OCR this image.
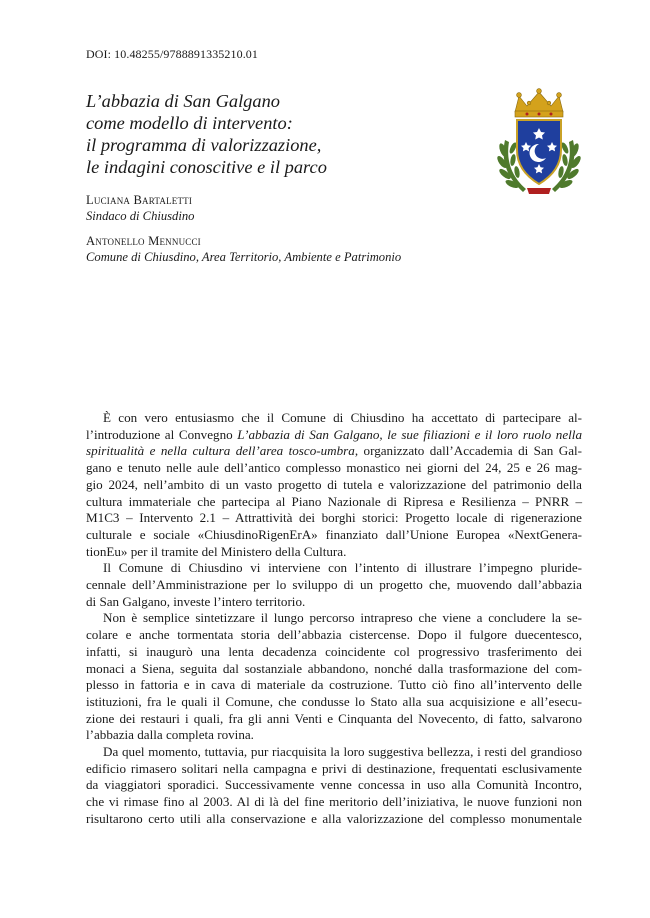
DOI: 10.48255/9788891335210.01
L’abbazia di San Galgano
come modello di intervento:
il programma di valorizzazione,
le indagini conoscitive e il parco
Luciana Bartaletti
Sindaco di Chiusdino
Antonello Mennucci
Comune di Chiusdino, Area Territorio, Ambiente e Patrimonio

È con vero entusiasmo che il Comune di Chiusdino ha accettato di partecipare al-
l’introduzione al Convegno L’abbazia di San Galgano, le sue filiazioni e il loro ruolo nella
spiritualità e nella cultura dell’area tosco-umbra, organizzato dall’Accademia di San Gal-
gano e tenuto nelle aule dell’antico complesso monastico nei giorni del 24, 25 e 26 mag-
gio 2024, nell’ambito di un vasto progetto di tutela e valorizzazione del patrimonio della
cultura immateriale che partecipa al Piano Nazionale di Ripresa e Resilienza – PNRR –
M1C3 – Intervento 2.1 – Attrattività dei borghi storici: Progetto locale di rigenerazione
culturale e sociale «ChiusdinoRigenErA» finanziato dall’Unione Europea «NextGenera-
tionEu» per il tramite del Ministero della Cultura.

Il Comune di Chiusdino vi interviene con l’intento di illustrare l’impegno pluride-
cennale dell’Amministrazione per lo sviluppo di un progetto che, muovendo dall’abbazia
di San Galgano, investe l’intero territorio.

Non è semplice sintetizzare il lungo percorso intrapreso che viene a concludere la se-
colare e anche tormentata storia dell’abbazia cistercense. Dopo il fulgore duecentesco,
infatti, si inaugurò una lenta decadenza coincidente col progressivo trasferimento dei
monaci a Siena, seguita dal sostanziale abbandono, nonché dalla trasformazione del com-
plesso in fattoria e in cava di materiale da costruzione. Tutto ciò fino all’intervento delle
istituzioni, fra le quali il Comune, che condusse lo Stato alla sua acquisizione e all’esecu-
zione dei restauri i quali, fra gli anni Venti e Cinquanta del Novecento, di fatto, salvarono
l’abbazia dalla completa rovina.

Da quel momento, tuttavia, pur riacquisita la loro suggestiva bellezza, i resti del grandioso
edificio rimasero solitari nella campagna e privi di destinazione, frequentati esclusivamente
da viaggiatori sporadici. Successivamente venne concessa in uso alla Comunità Incontro,
che vi rimase fino al 2003. Al di là del fine meritorio dell’iniziativa, le nuove funzioni non
risultarono certo utili alla conservazione e alla valorizzazione del complesso monumentale
